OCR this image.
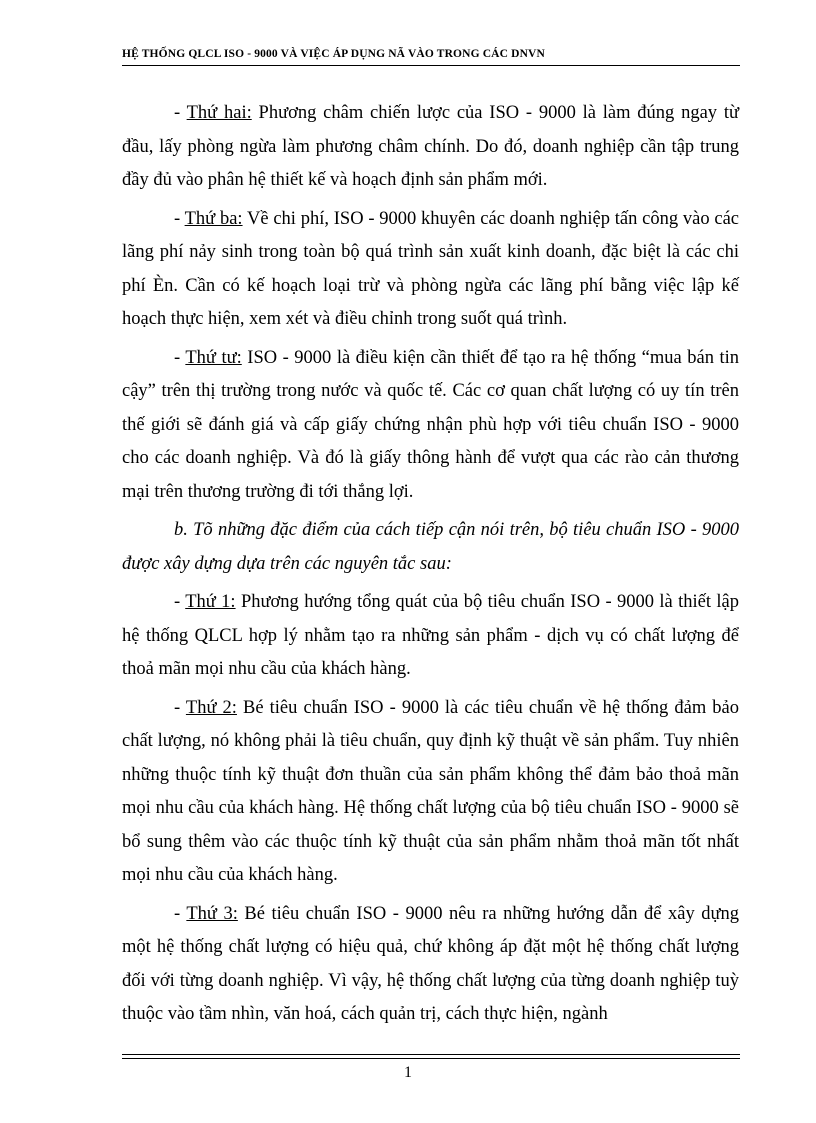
HỆ THỐNG QLCL ISO - 9000 VÀ VIỆC ÁP DỤNG NÃ VÀO TRONG CÁC DNVN

- Thứ hai: Phương châm chiến lược của ISO - 9000 là làm đúng ngay từ đầu, lấy phòng ngừa làm phương châm chính. Do đó, doanh nghiệp cần tập trung đầy đủ vào phân hệ thiết kế và hoạch định sản phẩm mới.

- Thứ ba: Về chi phí, ISO - 9000 khuyên các doanh nghiệp tấn công vào các lãng phí nảy sinh trong toàn bộ quá trình sản xuất kinh doanh, đặc biệt là các chi phí Èn. Cần có kế hoạch loại trừ và phòng ngừa các lãng phí bằng việc lập kế hoạch thực hiện, xem xét và điều chỉnh trong suốt quá trình.

- Thứ tư: ISO - 9000 là điều kiện cần thiết để tạo ra hệ thống “mua bán tin cậy” trên thị trường trong nước và quốc tế. Các cơ quan chất lượng có uy tín trên thế giới sẽ đánh giá và cấp giấy chứng nhận phù hợp với tiêu chuẩn ISO - 9000 cho các doanh nghiệp. Và đó là giấy thông hành để vượt qua các rào cản thương mại trên thương trường đi tới thắng lợi.

b. Tõ những đặc điểm của cách tiếp cận nói trên, bộ tiêu chuẩn ISO - 9000 được xây dựng dựa trên các nguyên tắc sau:

- Thứ 1: Phương hướng tổng quát của bộ tiêu chuẩn ISO - 9000 là thiết lập hệ thống QLCL hợp lý nhằm tạo ra những sản phẩm - dịch vụ có chất lượng để thoả mãn mọi nhu cầu của khách hàng.

- Thứ 2: Bé tiêu chuẩn ISO - 9000 là các tiêu chuẩn về hệ thống đảm bảo chất lượng, nó không phải là tiêu chuẩn, quy định kỹ thuật về sản phẩm. Tuy nhiên những thuộc tính kỹ thuật đơn thuần của sản phẩm không thể đảm bảo thoả mãn mọi nhu cầu của khách hàng. Hệ thống chất lượng của bộ tiêu chuẩn ISO - 9000 sẽ bổ sung thêm vào các thuộc tính kỹ thuật của sản phẩm nhằm thoả mãn tốt nhất mọi nhu cầu của khách hàng.

- Thứ 3: Bé tiêu chuẩn ISO - 9000 nêu ra những hướng dẫn để xây dựng một hệ thống chất lượng có hiệu quả, chứ không áp đặt một hệ thống chất lượng đối với từng doanh nghiệp. Vì vậy, hệ thống chất lượng của từng doanh nghiệp tuỳ thuộc vào tầm nhìn, văn hoá, cách quản trị, cách thực hiện, ngành

1
